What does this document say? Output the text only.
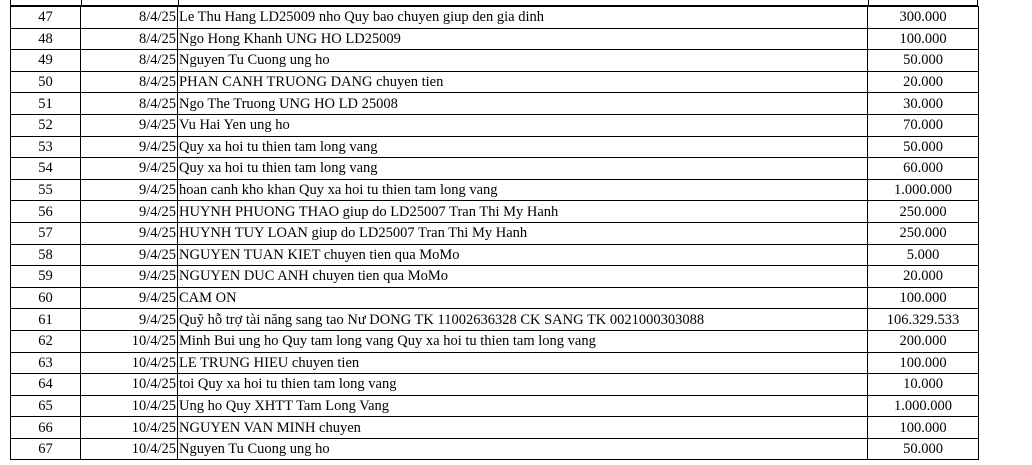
47	8/4/25	Le Thu Hang LD25009 nho Quy bao chuyen giup den gia dinh	300.000
48	8/4/25	Ngo Hong Khanh UNG HO LD25009	100.000
49	8/4/25	Nguyen Tu Cuong ung ho	50.000
50	8/4/25	PHAN CANH TRUONG DANG chuyen tien	20.000
51	8/4/25	Ngo The Truong UNG HO LD 25008	30.000
52	9/4/25	Vu Hai Yen ung ho	70.000
53	9/4/25	Quy xa hoi tu thien tam long vang	50.000
54	9/4/25	Quy xa hoi tu thien tam long vang	60.000
55	9/4/25	hoan canh kho khan Quy xa hoi tu thien tam long vang	1.000.000
56	9/4/25	HUYNH PHUONG THAO giup do LD25007 Tran Thi My Hanh	250.000
57	9/4/25	HUYNH TUY LOAN giup do LD25007 Tran Thi My Hanh	250.000
58	9/4/25	NGUYEN TUAN KIET chuyen tien qua MoMo	5.000
59	9/4/25	NGUYEN DUC ANH chuyen tien qua MoMo	20.000
60	9/4/25	CAM ON	100.000
61	9/4/25	Quỹ hỗ trợ tài năng sang tao Nư DONG TK 11002636328 CK SANG TK 0021000303088	106.329.533
62	10/4/25	Minh Bui ung ho Quy tam long vang Quy xa hoi tu thien tam long vang	200.000
63	10/4/25	LE TRUNG HIEU chuyen tien	100.000
64	10/4/25	toi Quy xa hoi tu thien tam long vang	10.000
65	10/4/25	Ung ho Quy XHTT Tam Long Vang	1.000.000
66	10/4/25	NGUYEN VAN MINH chuyen	100.000
67	10/4/25	Nguyen Tu Cuong ung ho	50.000
